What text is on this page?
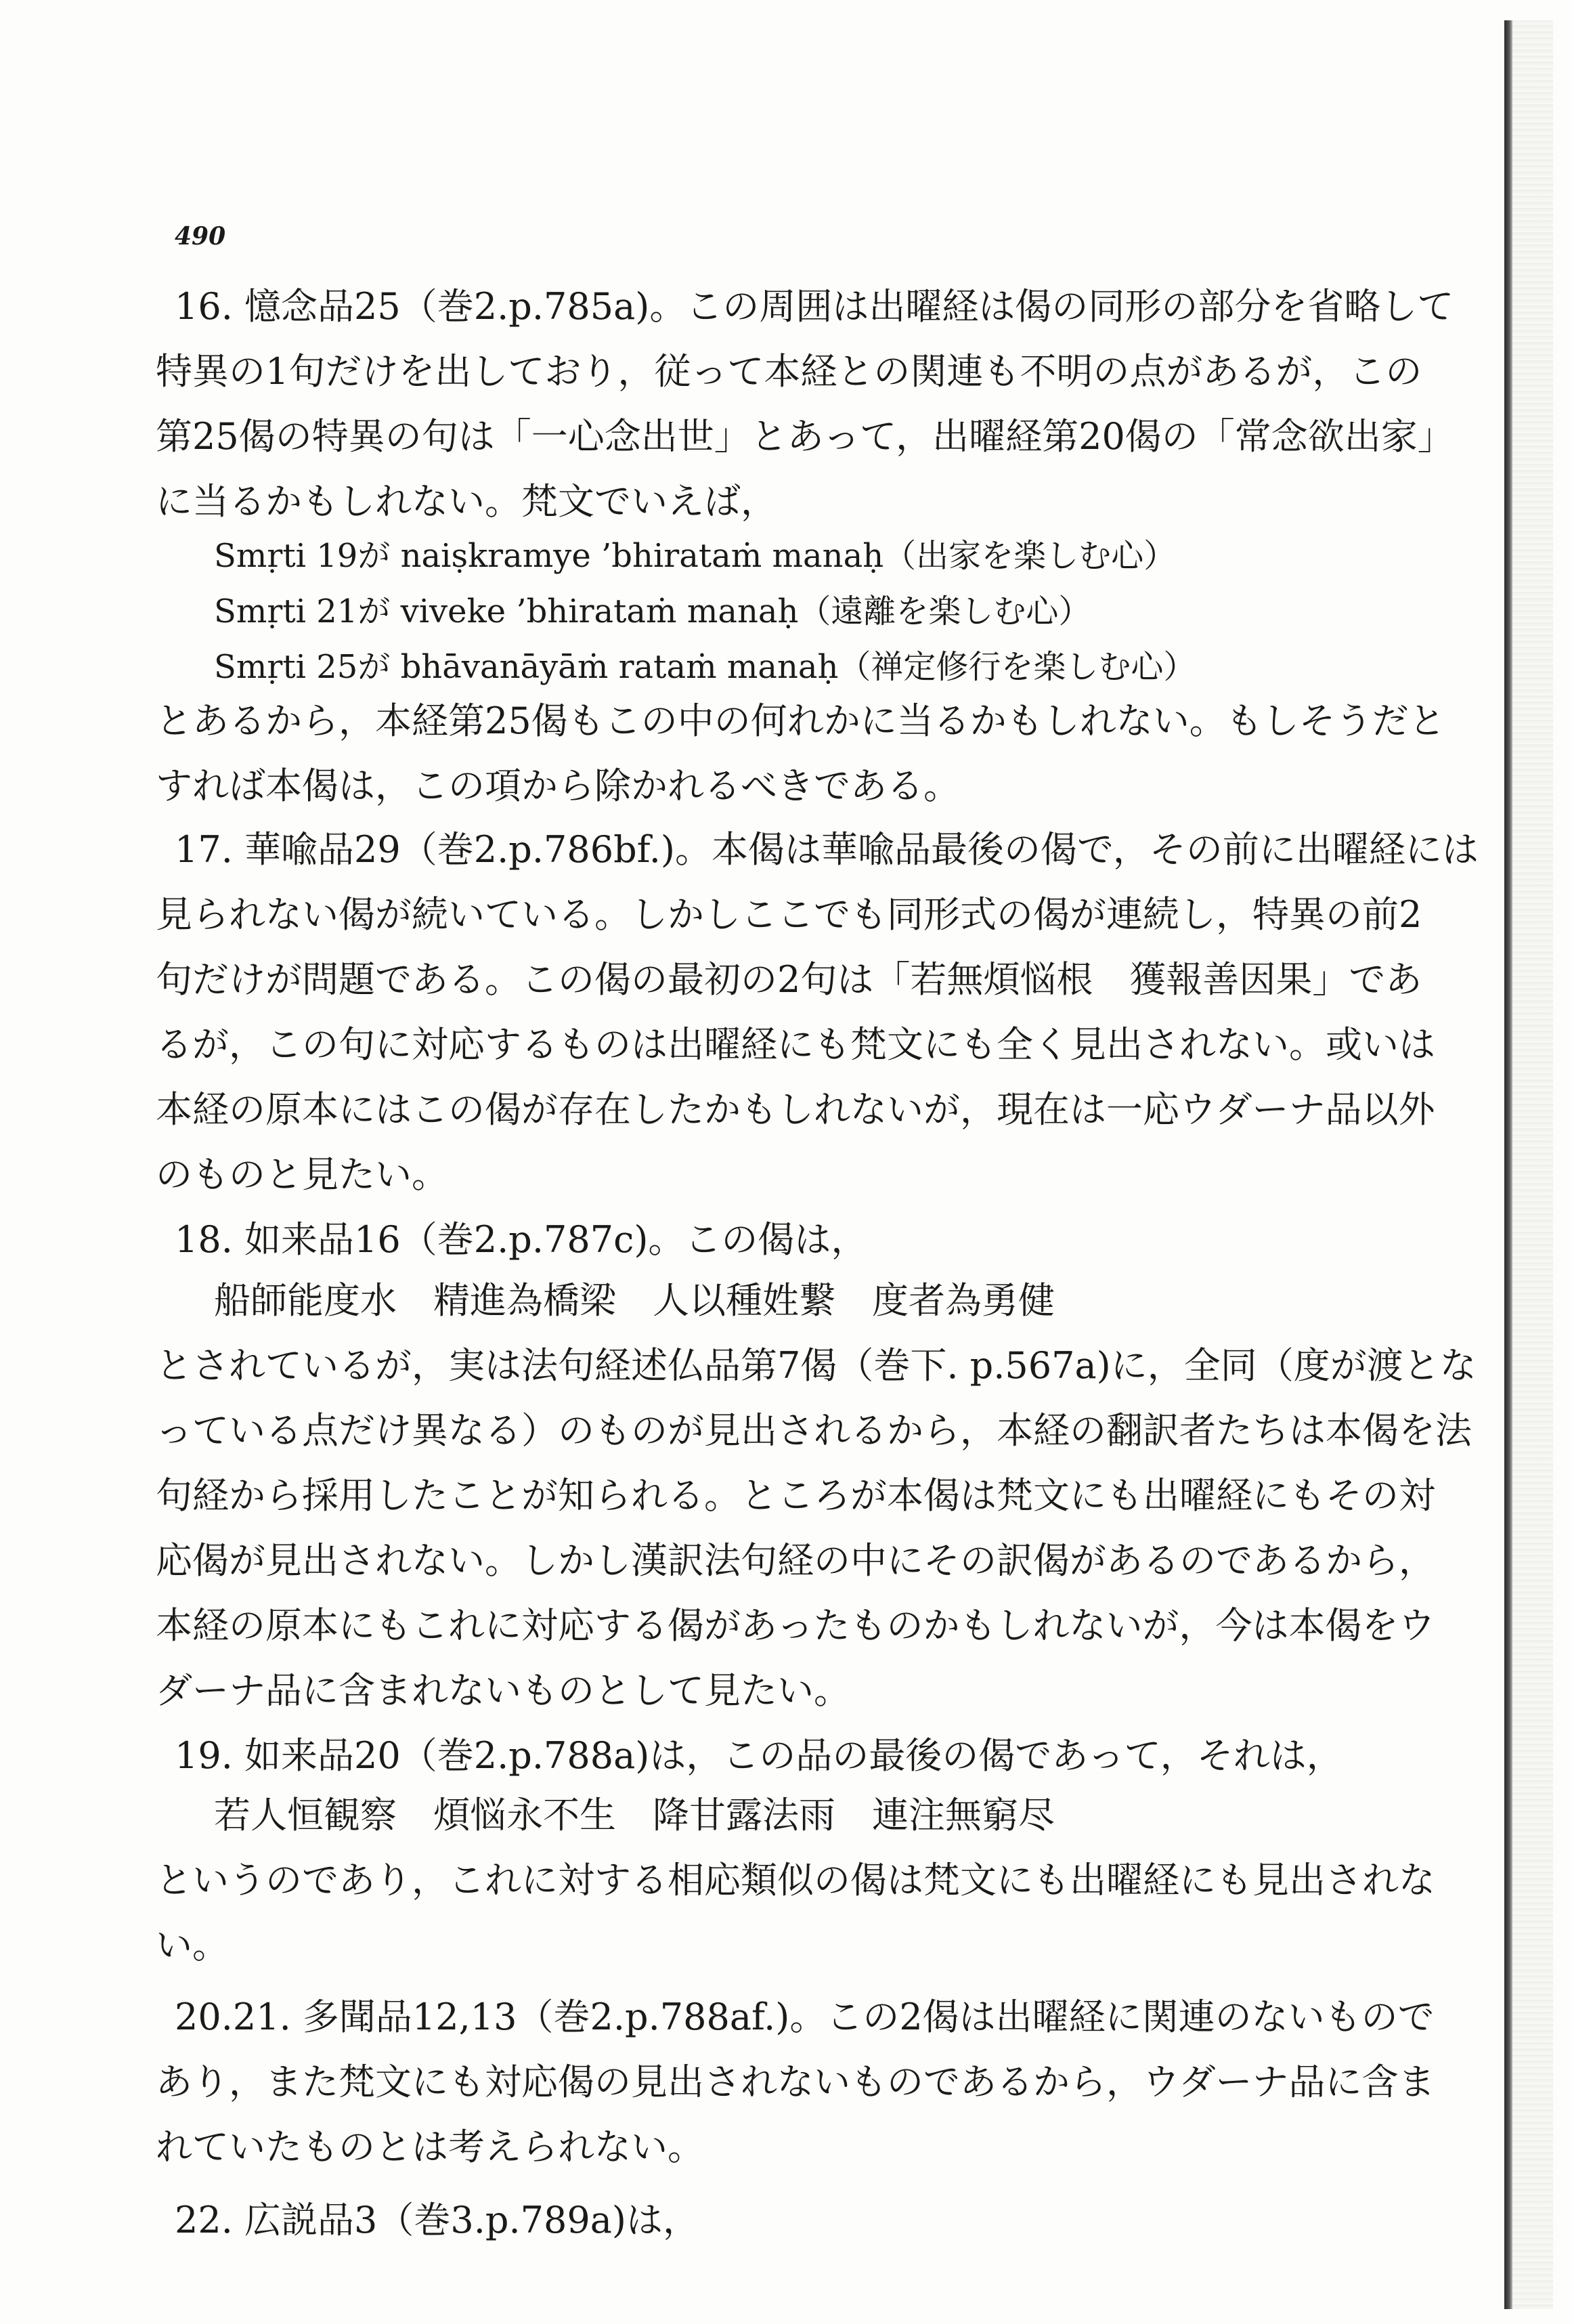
490
16. 憶念品25（巻2.p.785a)。この周囲は出曜経は偈の同形の部分を省略して
特異の1句だけを出しており，従って本経との関連も不明の点があるが，この
第25偈の特異の句は「一心念出世」とあって，出曜経第20偈の「常念欲出家」
に当るかもしれない。梵文でいえば，
Smṛti 19が naiṣkramye ’bhirataṁ manaḥ（出家を楽しむ心）
Smṛti 21が viveke ’bhirataṁ manaḥ（遠離を楽しむ心）
Smṛti 25が bhāvanāyāṁ rataṁ manaḥ（禅定修行を楽しむ心）
とあるから，本経第25偈もこの中の何れかに当るかもしれない。もしそうだと
すれば本偈は，この項から除かれるべきである。
17. 華喩品29（巻2.p.786bf.)。本偈は華喩品最後の偈で，その前に出曜経には
見られない偈が続いている。しかしここでも同形式の偈が連続し，特異の前2
句だけが問題である。この偈の最初の2句は「若無煩悩根　獲報善因果」であ
るが，この句に対応するものは出曜経にも梵文にも全く見出されない。或いは
本経の原本にはこの偈が存在したかもしれないが，現在は一応ウダーナ品以外
のものと見たい。
18. 如来品16（巻2.p.787c)。この偈は，
船師能度水　精進為橋梁　人以種姓繋　度者為勇健
とされているが，実は法句経述仏品第7偈（巻下. p.567a)に，全同（度が渡とな
っている点だけ異なる）のものが見出されるから，本経の翻訳者たちは本偈を法
句経から採用したことが知られる。ところが本偈は梵文にも出曜経にもその対
応偈が見出されない。しかし漢訳法句経の中にその訳偈があるのであるから，
本経の原本にもこれに対応する偈があったものかもしれないが，今は本偈をウ
ダーナ品に含まれないものとして見たい。
19. 如来品20（巻2.p.788a)は，この品の最後の偈であって，それは，
若人恒観察　煩悩永不生　降甘露法雨　連注無窮尽
というのであり，これに対する相応類似の偈は梵文にも出曜経にも見出されな
い。
20.21. 多聞品12,13（巻2.p.788af.)。この2偈は出曜経に関連のないもので
あり，また梵文にも対応偈の見出されないものであるから，ウダーナ品に含ま
れていたものとは考えられない。
22. 広説品3（巻3.p.789a)は，
